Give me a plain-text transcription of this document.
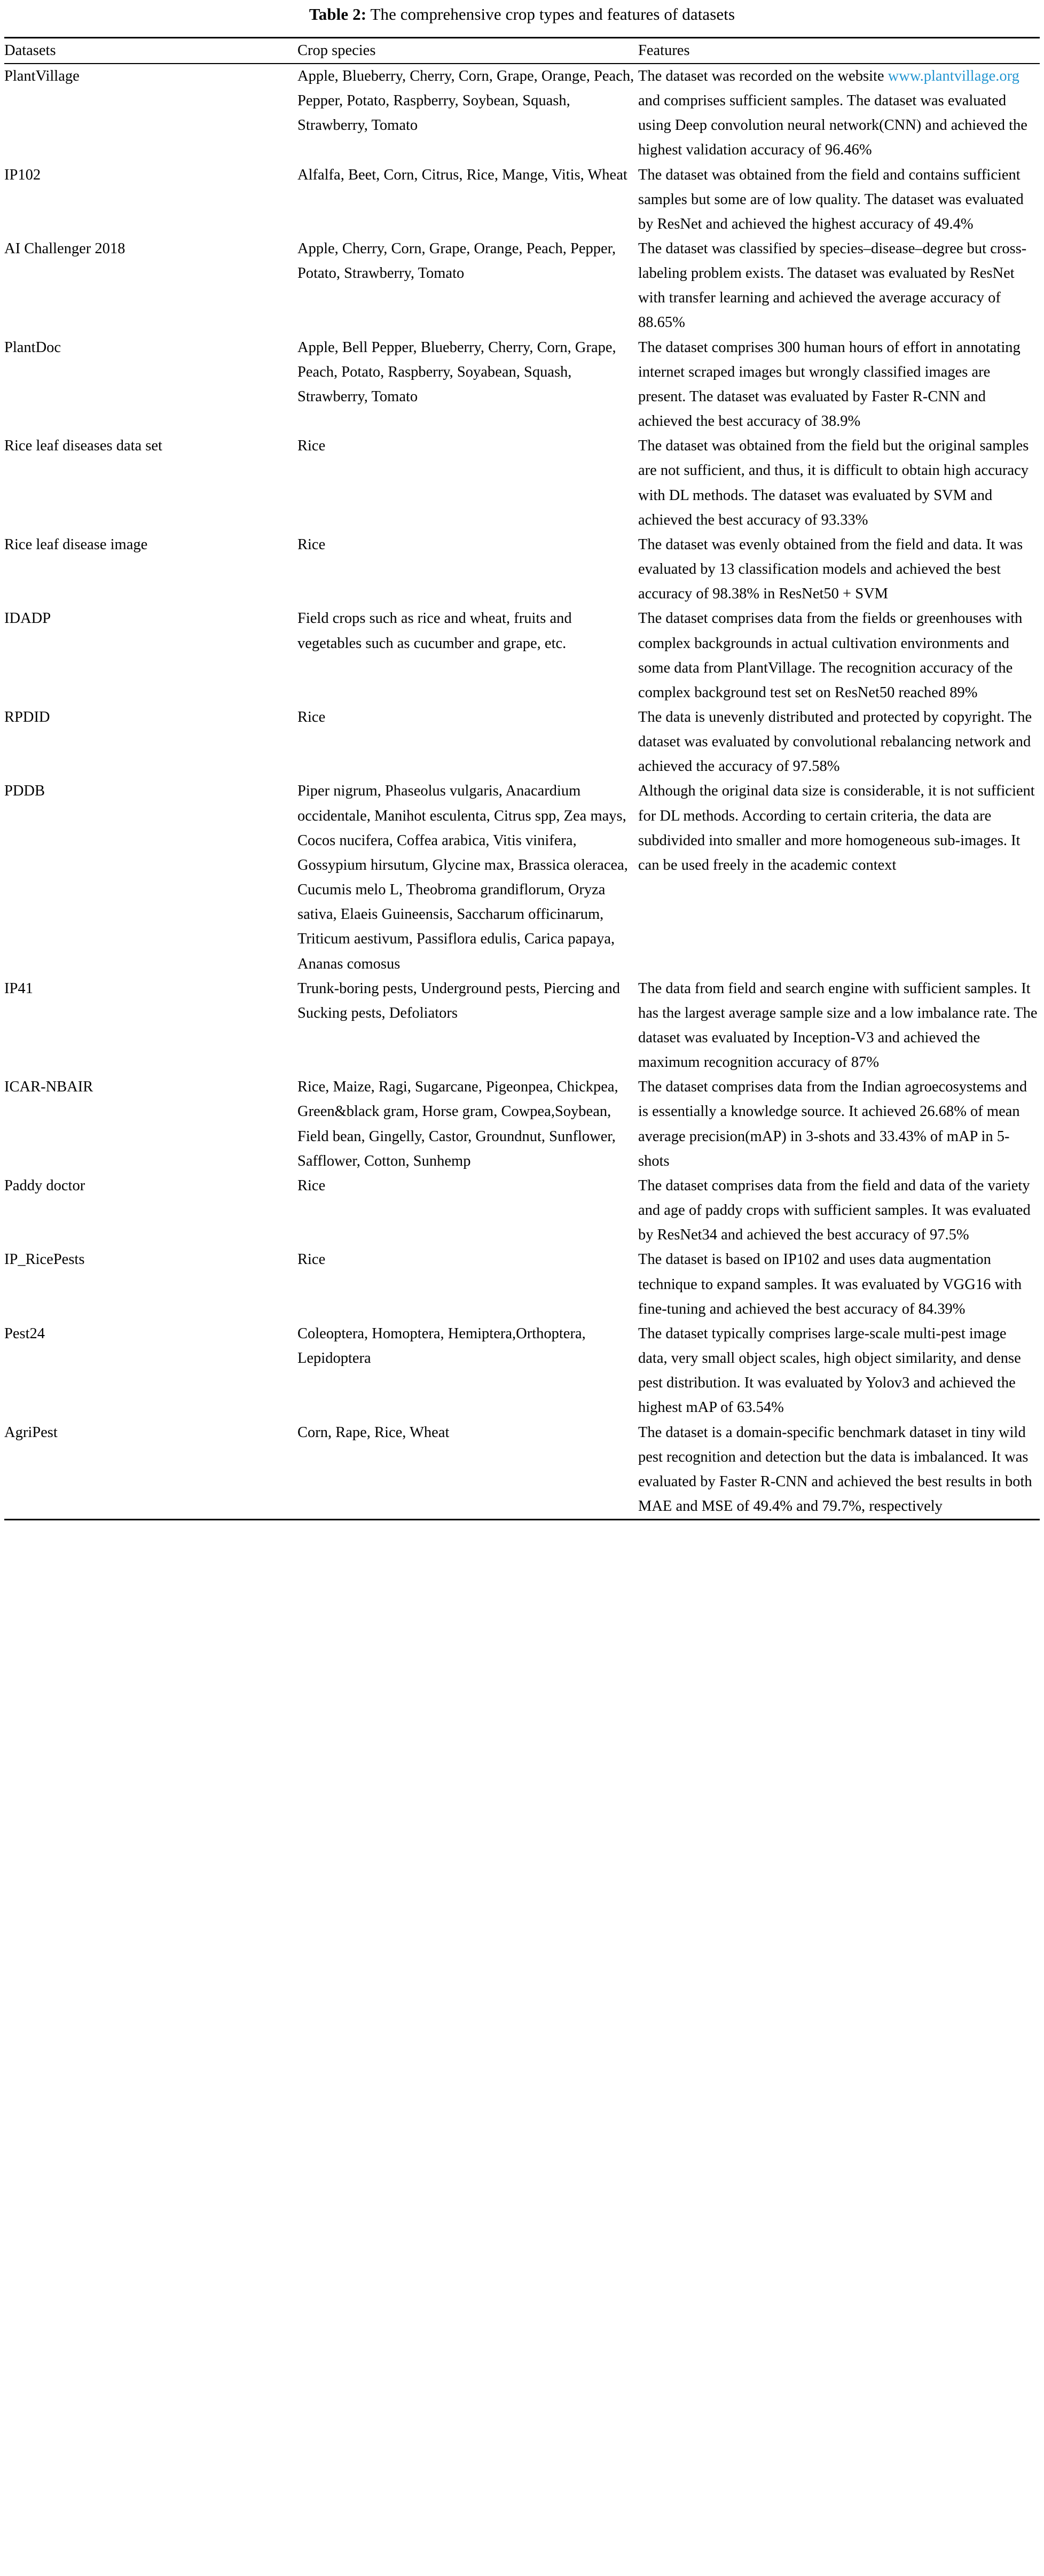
Table 2: The comprehensive crop types and features of datasets
Datasets	Crop species	Features
PlantVillage	Apple, Blueberry, Cherry, Corn, Grape, Orange, Peach, Pepper, Potato, Raspberry, Soybean, Squash, Strawberry, Tomato	The dataset was recorded on the website www.plantvillage.org and comprises sufficient samples. The dataset was evaluated using Deep convolution neural network(CNN) and achieved the highest validation accuracy of 96.46%
IP102	Alfalfa, Beet, Corn, Citrus, Rice, Mange, Vitis, Wheat	The dataset was obtained from the field and contains sufficient samples but some are of low quality. The dataset was evaluated by ResNet and achieved the highest accuracy of 49.4%
AI Challenger 2018	Apple, Cherry, Corn, Grape, Orange, Peach, Pepper, Potato, Strawberry, Tomato	The dataset was classified by species–disease–degree but cross-labeling problem exists. The dataset was evaluated by ResNet with transfer learning and achieved the average accuracy of 88.65%
PlantDoc	Apple, Bell Pepper, Blueberry, Cherry, Corn, Grape, Peach, Potato, Raspberry, Soyabean, Squash, Strawberry, Tomato	The dataset comprises 300 human hours of effort in annotating internet scraped images but wrongly classified images are present. The dataset was evaluated by Faster R-CNN and achieved the best accuracy of 38.9%
Rice leaf diseases data set	Rice	The dataset was obtained from the field but the original samples are not sufficient, and thus, it is difficult to obtain high accuracy with DL methods. The dataset was evaluated by SVM and achieved the best accuracy of 93.33%
Rice leaf disease image	Rice	The dataset was evenly obtained from the field and data. It was evaluated by 13 classification models and achieved the best accuracy of 98.38% in ResNet50 + SVM
IDADP	Field crops such as rice and wheat, fruits and vegetables such as cucumber and grape, etc.	The dataset comprises data from the fields or greenhouses with complex backgrounds in actual cultivation environments and some data from PlantVillage. The recognition accuracy of the complex background test set on ResNet50 reached 89%
RPDID	Rice	The data is unevenly distributed and protected by copyright. The dataset was evaluated by convolutional rebalancing network and achieved the accuracy of 97.58%
PDDB	Piper nigrum, Phaseolus vulgaris, Anacardium occidentale, Manihot esculenta, Citrus spp, Zea mays, Cocos nucifera, Coffea arabica, Vitis vinifera, Gossypium hirsutum, Glycine max, Brassica oleracea, Cucumis melo L, Theobroma grandiflorum, Oryza sativa, Elaeis Guineensis, Saccharum officinarum, Triticum aestivum, Passiflora edulis, Carica papaya, Ananas comosus	Although the original data size is considerable, it is not sufficient for DL methods. According to certain criteria, the data are subdivided into smaller and more homogeneous sub-images. It can be used freely in the academic context
IP41	Trunk-boring pests, Underground pests, Piercing and Sucking pests, Defoliators	The data from field and search engine with sufficient samples. It has the largest average sample size and a low imbalance rate. The dataset was evaluated by Inception-V3 and achieved the maximum recognition accuracy of 87%
ICAR-NBAIR	Rice, Maize, Ragi, Sugarcane, Pigeonpea, Chickpea, Green&black gram, Horse gram, Cowpea,Soybean, Field bean, Gingelly, Castor, Groundnut, Sunflower, Safflower, Cotton, Sunhemp	The dataset comprises data from the Indian agroecosystems and is essentially a knowledge source. It achieved 26.68% of mean average precision(mAP) in 3-shots and 33.43% of mAP in 5-shots
Paddy doctor	Rice	The dataset comprises data from the field and data of the variety and age of paddy crops with sufficient samples. It was evaluated by ResNet34 and achieved the best accuracy of 97.5%
IP_RicePests	Rice	The dataset is based on IP102 and uses data augmentation technique to expand samples. It was evaluated by VGG16 with fine-tuning and achieved the best accuracy of 84.39%
Pest24	Coleoptera, Homoptera, Hemiptera,Orthoptera, Lepidoptera	The dataset typically comprises large-scale multi-pest image data, very small object scales, high object similarity, and dense pest distribution. It was evaluated by Yolov3 and achieved the highest mAP of 63.54%
AgriPest	Corn, Rape, Rice, Wheat	The dataset is a domain-specific benchmark dataset in tiny wild pest recognition and detection but the data is imbalanced. It was evaluated by Faster R-CNN and achieved the best results in both MAE and MSE of 49.4% and 79.7%, respectively
